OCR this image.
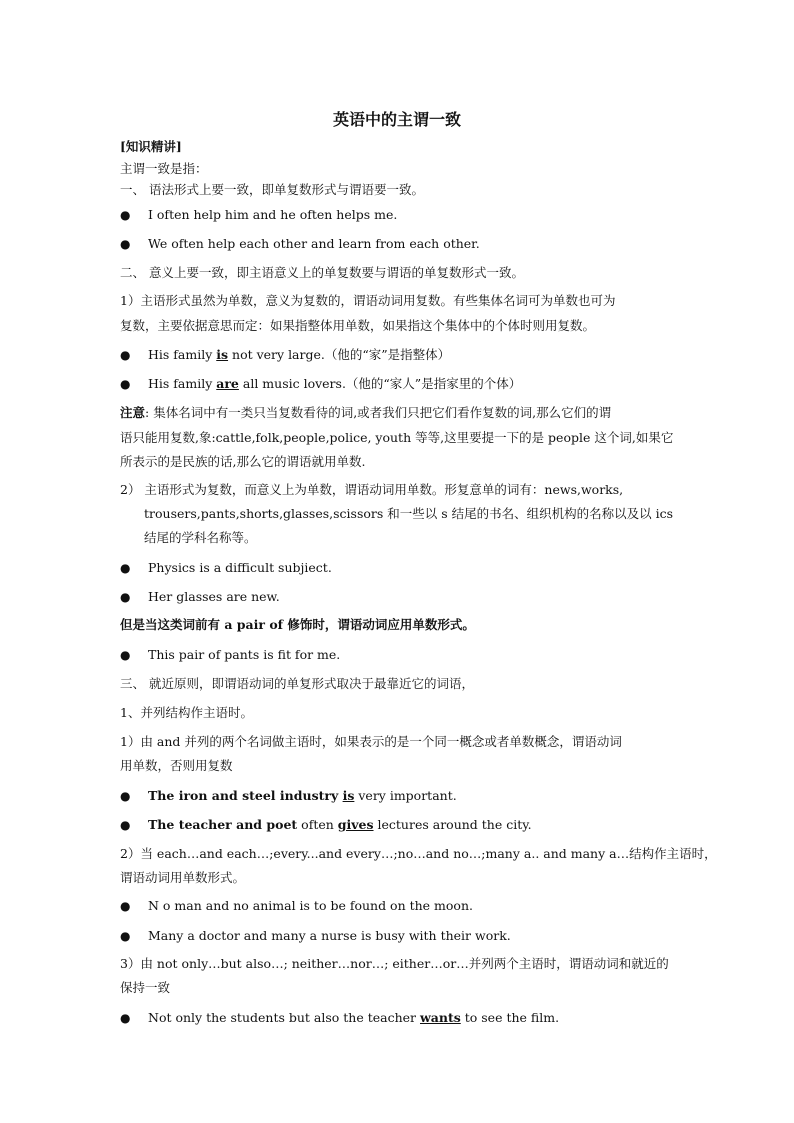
英语中的主谓一致
[知识精讲]
主谓一致是指：
一、 语法形式上要一致，即单复数形式与谓语要一致。
● I often help him and he often helps me.
● We often help each other and learn from each other.
二、 意义上要一致，即主语意义上的单复数要与谓语的单复数形式一致。
1）主语形式虽然为单数，意义为复数的，谓语动词用复数。有些集体名词可为单数也可为
复数，主要依据意思而定：如果指整体用单数，如果指这个集体中的个体时则用复数。
● His family is not very large.（他的“家”是指整体）
● His family are all music lovers.（他的“家人”是指家里的个体）
注意: 集体名词中有一类只当复数看待的词,或者我们只把它们看作复数的词,那么它们的谓
语只能用复数,象:cattle,folk,people,police, youth 等等,这里要提一下的是 people 这个词,如果它
所表示的是民族的话,那么它的谓语就用单数.
2） 主语形式为复数，而意义上为单数，谓语动词用单数。形复意单的词有：news,works,
trousers,pants,shorts,glasses,scissors 和一些以 s 结尾的书名、组织机构的名称以及以 ics
结尾的学科名称等。
● Physics is a difficult subjiect.
● Her glasses are new.
但是当这类词前有 a pair of 修饰时，谓语动词应用单数形式。
● This pair of pants is fit for me.
三、 就近原则，即谓语动词的单复形式取决于最靠近它的词语，
1、并列结构作主语时。
1）由 and 并列的两个名词做主语时，如果表示的是一个同一概念或者单数概念，谓语动词
用单数，否则用复数
● The iron and steel industry is very important.
● The teacher and poet often gives lectures around the city.
2）当 each…and each…;every...and every…;no…and no…;many a.. and many a…结构作主语时，
谓语动词用单数形式。
● N o man and no animal is to be found on the moon.
● Many a doctor and many a nurse is busy with their work.
3）由 not only…but also…; neither…nor…; either…or…并列两个主语时，谓语动词和就近的
保持一致
● Not only the students but also the teacher wants to see the film.
